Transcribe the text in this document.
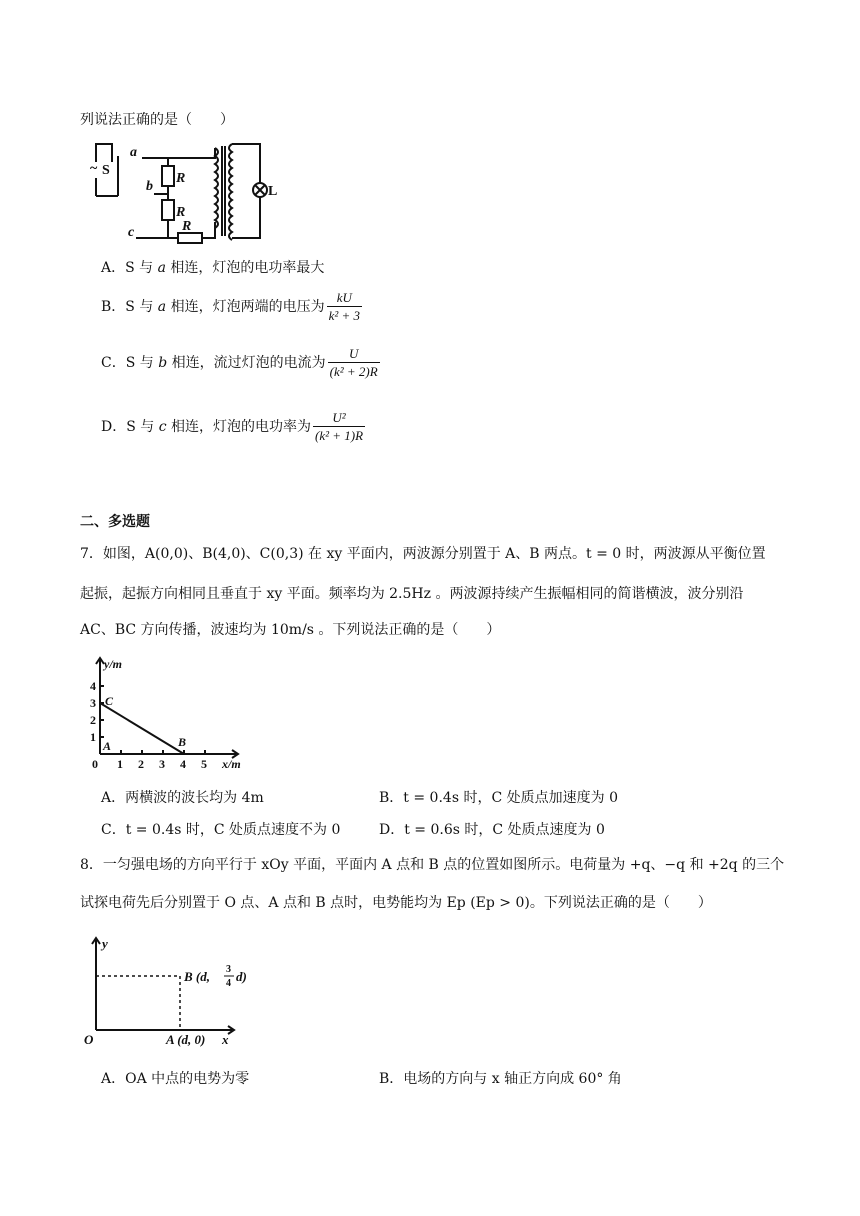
列说法正确的是（　　）
~ S
a
b
c
R
R
R
L
A．S 与 a 相连，灯泡的电功率最大
B．S 与 a 相连，灯泡两端的电压为 $\frac{kU}{\text{k² + 3}}$
C．S 与 b 相连，流过灯泡的电流为 $\frac{U}{\text{(k² + 2)R}}$
D．S 与 c 相连，灯泡的电功率为 $\frac{\text{U²}}{\text{(k² + 1)R}}$
二、多选题
7．如图，A(0,0)、B(4,0)、C(0,3) 在 xy 平面内，两波源分别置于 A、B 两点。t = 0 时，两波源从平衡位置
起振，起振方向相同且垂直于 xy 平面。频率均为 2.5Hz 。两波源持续产生振幅相同的简谐横波，波分别沿
AC、BC 方向传播，波速均为 10m/s 。下列说法正确的是（　　）
y/m
x/m
1
2
3
4
0 1 2 3 4 5
A	B
C
A．两横波的波长均为 4m	B．t = 0.4s 时，C 处质点加速度为 0
C．t = 0.4s 时，C 处质点速度不为 0	D．t = 0.6s 时，C 处质点速度为 0
8．一匀强电场的方向平行于 xOy 平面，平面内 A 点和 B 点的位置如图所示。电荷量为 +q、−q 和 +2q 的三个
试探电荷先后分别置于 O 点、A 点和 B 点时，电势能均为 Ep (Ep > 0)。下列说法正确的是（　　）
y
x
O
B (d, 3
4 d)
A (d, 0)
A．OA 中点的电势为零	B．电场的方向与 x 轴正方向成 60° 角
